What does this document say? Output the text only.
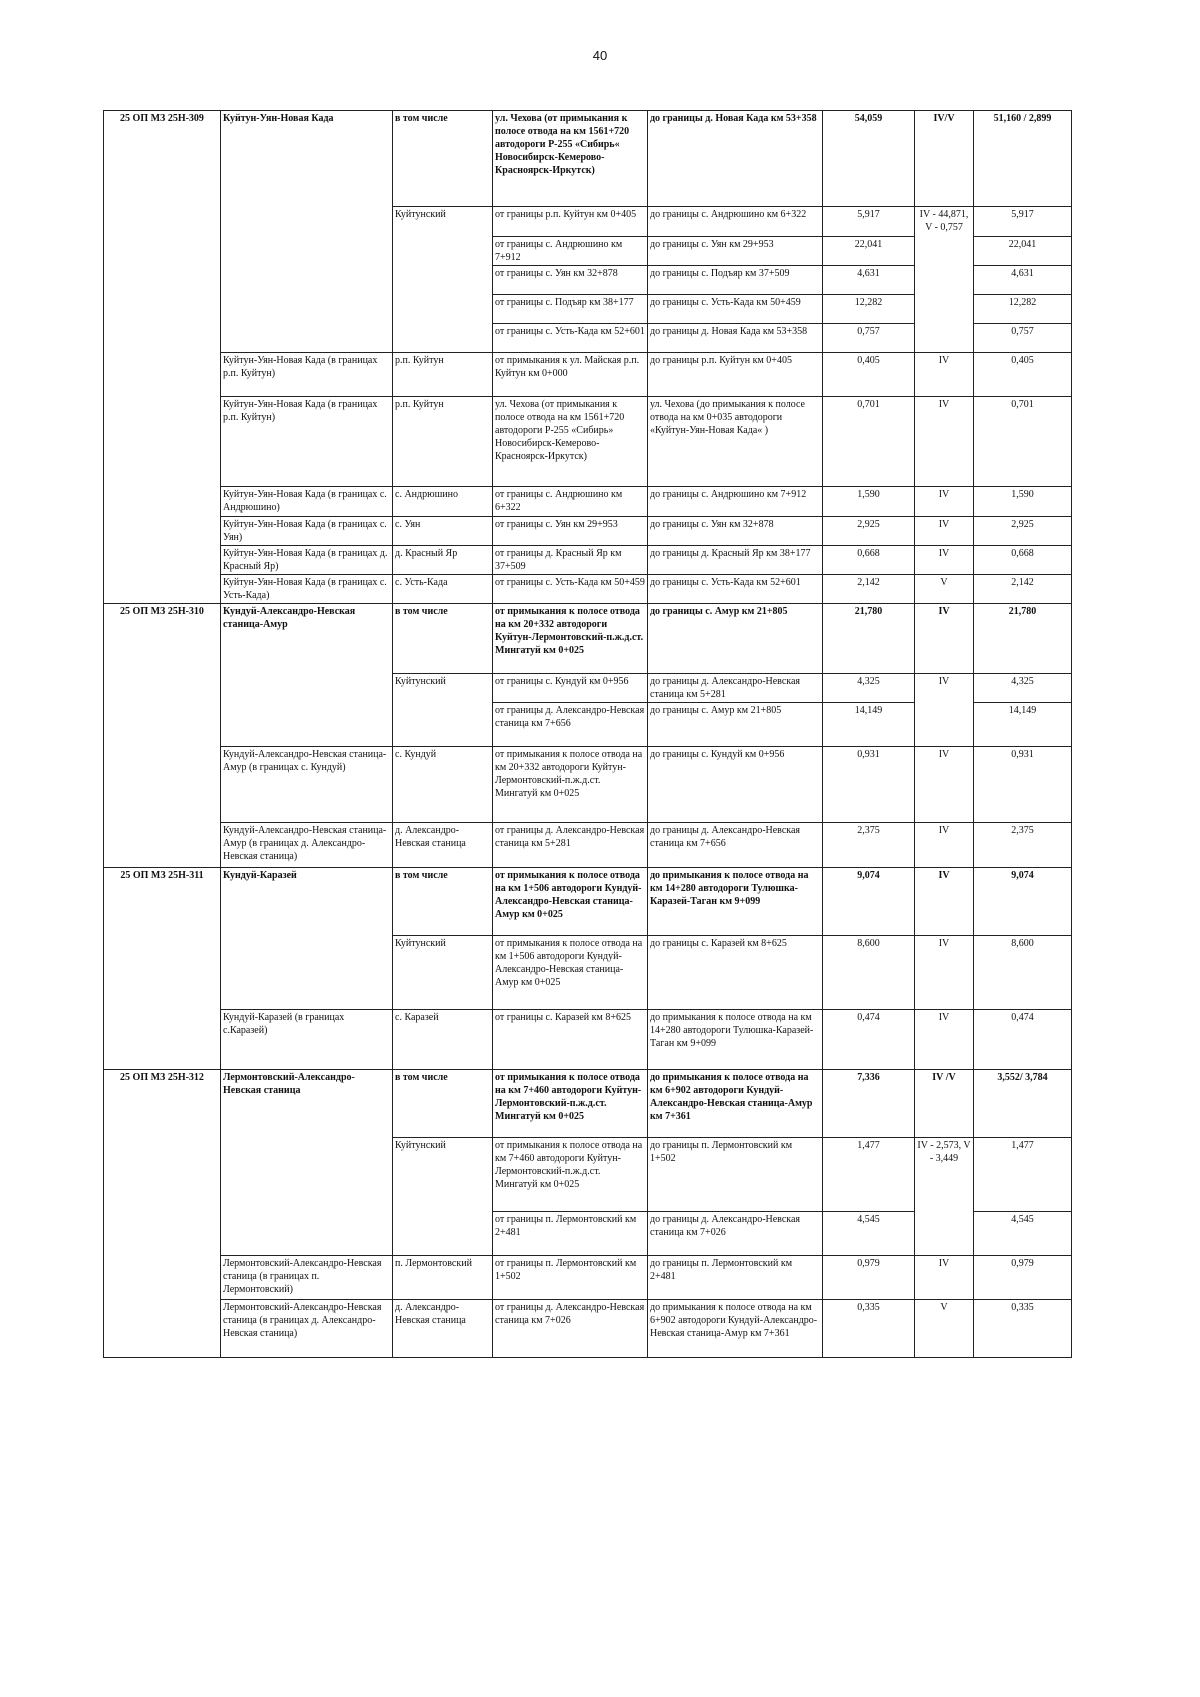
40
25 ОП МЗ 25Н-309	Куйтун-Уян-Новая Када	в том числе	ул. Чехова (от примыкания к полосе отвода на км 1561+720 автодороги Р-255 «Сибирь« Новосибирск-Кемерово-Красноярск-Иркутск)	до границы д. Новая Када км 53+358	54,059	IV/V	51,160 / 2,899
		Куйтунский	от границы р.п. Куйтун км 0+405	до границы с. Андрюшино км 6+322	5,917	IV - 44,871, V - 0,757	5,917
			от границы с. Андрюшино км 7+912	до границы с. Уян км 29+953	22,041		22,041
			от границы с. Уян км 32+878	до границы с. Подъяр км 37+509	4,631		4,631
			от границы с. Подъяр км 38+177	до границы с. Усть-Када км 50+459	12,282		12,282
			от границы с. Усть-Када км 52+601	до границы д. Новая Када км 53+358	0,757		0,757
	Куйтун-Уян-Новая Када (в границах р.п. Куйтун)	р.п. Куйтун	от примыкания к ул. Майская р.п. Куйтун км 0+000	до границы р.п. Куйтун км 0+405	0,405	IV	0,405
	Куйтун-Уян-Новая Када (в границах р.п. Куйтун)	р.п. Куйтун	ул. Чехова (от примыкания к полосе отвода на км 1561+720 автодороги Р-255 «Сибирь» Новосибирск-Кемерово-Красноярск-Иркутск)	ул. Чехова (до примыкания к полосе отвода на км 0+035 автодороги «Куйтун-Уян-Новая Када« )	0,701	IV	0,701
	Куйтун-Уян-Новая Када (в границах с. Андрюшино)	с. Андрюшино	от границы с. Андрюшино км 6+322	до границы с. Андрюшино км 7+912	1,590	IV	1,590
	Куйтун-Уян-Новая Када (в границах с. Уян)	с. Уян	от границы с. Уян км 29+953	до границы с. Уян км 32+878	2,925	IV	2,925
	Куйтун-Уян-Новая Када (в границах д. Красный Яр)	д. Красный Яр	от границы д. Красный Яр км 37+509	до границы д. Красный Яр км 38+177	0,668	IV	0,668
	Куйтун-Уян-Новая Када (в границах с. Усть-Када)	с. Усть-Када	от границы с. Усть-Када км 50+459	до границы с. Усть-Када км 52+601	2,142	V	2,142
25 ОП МЗ 25Н-310	Кундуй-Александро-Невская станица-Амур	в том числе	от примыкания к полосе отвода на км 20+332 автодороги Куйтун-Лермонтовский-п.ж.д.ст. Мингатуй км 0+025	до границы с. Амур км 21+805	21,780	IV	21,780
		Куйтунский	от границы с. Кундуй км 0+956	до границы д. Александро-Невская станица км 5+281	4,325	IV	4,325
			от границы д. Александро-Невская станица км 7+656	до границы с. Амур км 21+805	14,149		14,149
	Кундуй-Александро-Невская станица-Амур (в границах с. Кундуй)	с. Кундуй	от примыкания к полосе отвода на км 20+332 автодороги Куйтун-Лермонтовский-п.ж.д.ст. Мингатуй км 0+025	до границы с. Кундуй км 0+956	0,931	IV	0,931
	Кундуй-Александро-Невская станица-Амур (в границах д. Александро-Невская станица)	д. Александро-Невская станица	от границы д. Александро-Невская станица км 5+281	до границы д. Александро-Невская станица км 7+656	2,375	IV	2,375
25 ОП МЗ 25Н-311	Кундуй-Каразей	в том числе	от примыкания к полосе отвода на км 1+506 автодороги Кундуй-Александро-Невская станица-Амур км 0+025	до примыкания к полосе отвода на км 14+280 автодороги Тулюшка-Каразей-Таган км 9+099	9,074	IV	9,074
		Куйтунский	от примыкания к полосе отвода на км 1+506 автодороги Кундуй-Александро-Невская станица-Амур км 0+025	до границы с. Каразей км 8+625	8,600	IV	8,600
	Кундуй-Каразей (в границах с.Каразей)	с. Каразей	от границы с. Каразей км 8+625	до примыкания к полосе отвода на км 14+280 автодороги Тулюшка-Каразей-Таган км 9+099	0,474	IV	0,474
25 ОП МЗ 25Н-312	Лермонтовский-Александро-Невская станица	в том числе	от примыкания к полосе отвода на км 7+460 автодороги Куйтун-Лермонтовский-п.ж.д.ст. Мингатуй км 0+025	до примыкания к полосе отвода на км 6+902 автодороги Кундуй-Александро-Невская станица-Амур км 7+361	7,336	IV /V	3,552/ 3,784
		Куйтунский	от примыкания к полосе отвода на км 7+460 автодороги Куйтун-Лермонтовский-п.ж.д.ст. Мингатуй км 0+025	до границы п. Лермонтовский км 1+502	1,477	IV - 2,573, V - 3,449	1,477
			от границы п. Лермонтовский км 2+481	до границы д. Александро-Невская станица км 7+026	4,545		4,545
	Лермонтовский-Александро-Невская станица (в границах п. Лермонтовский)	п. Лермонтовский	от границы п. Лермонтовский км 1+502	до границы п. Лермонтовский км 2+481	0,979	IV	0,979
	Лермонтовский-Александро-Невская станица (в границах д. Александро-Невская станица)	д. Александро-Невская станица	от границы д. Александро-Невская станица км 7+026	до примыкания к полосе отвода на км 6+902 автодороги Кундуй-Александро-Невская станица-Амур км 7+361	0,335	V	0,335
